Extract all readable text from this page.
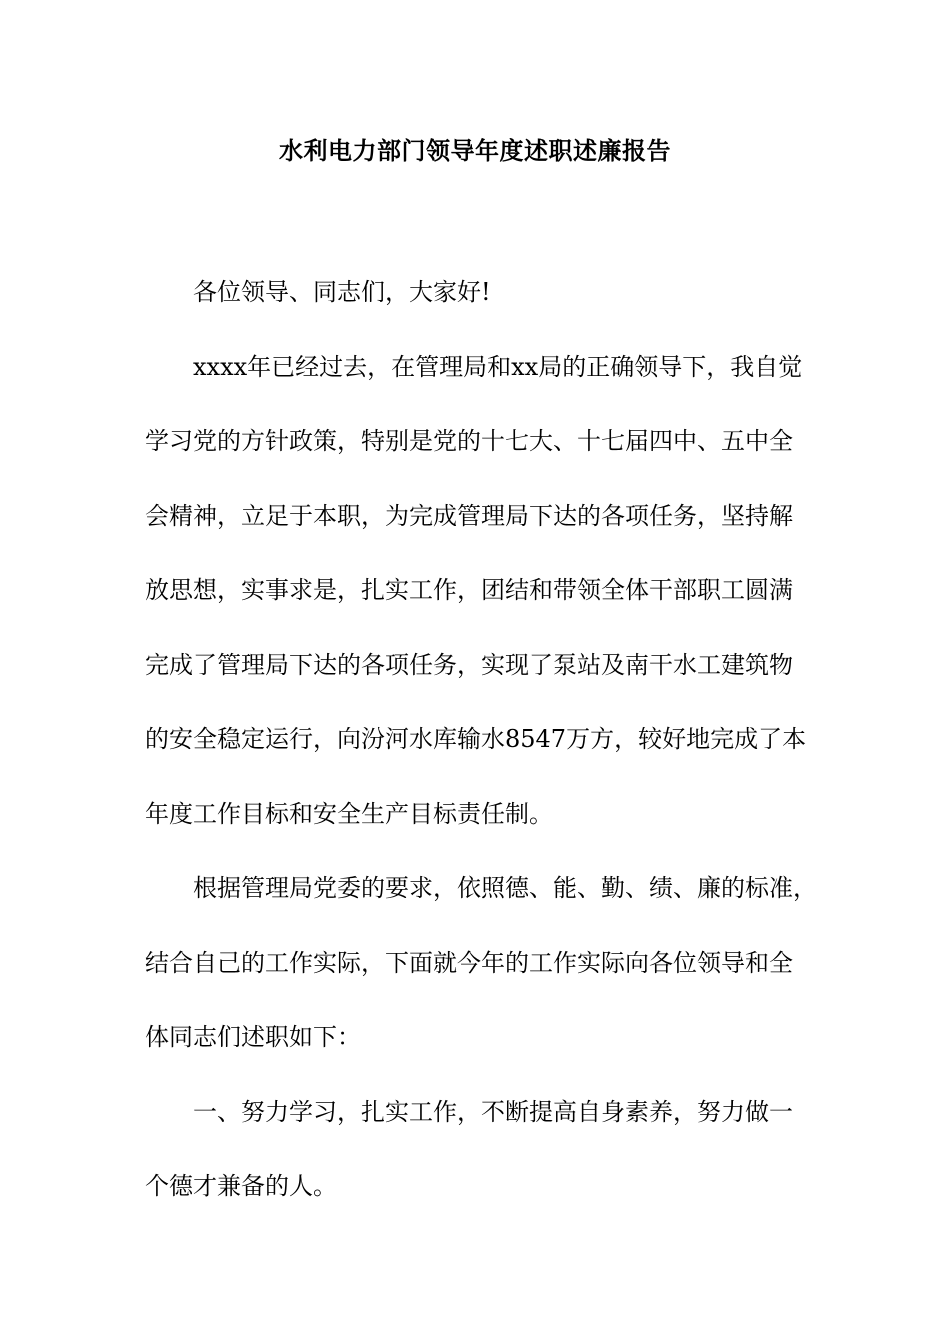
水利电力部门领导年度述职述廉报告
各位领导、同志们，大家好!
xxxx年已经过去，在管理局和xx局的正确领导下，我自觉
学习党的方针政策，特别是党的十七大、十七届四中、五中全
会精神，立足于本职，为完成管理局下达的各项任务，坚持解
放思想，实事求是，扎实工作，团结和带领全体干部职工圆满
完成了管理局下达的各项任务，实现了泵站及南干水工建筑物
的安全稳定运行，向汾河水库输水8547万方，较好地完成了本
年度工作目标和安全生产目标责任制。
根据管理局党委的要求，依照德、能、勤、绩、廉的标准，
结合自己的工作实际，下面就今年的工作实际向各位领导和全
体同志们述职如下：
一、努力学习，扎实工作，不断提高自身素养，努力做一
个德才兼备的人。
